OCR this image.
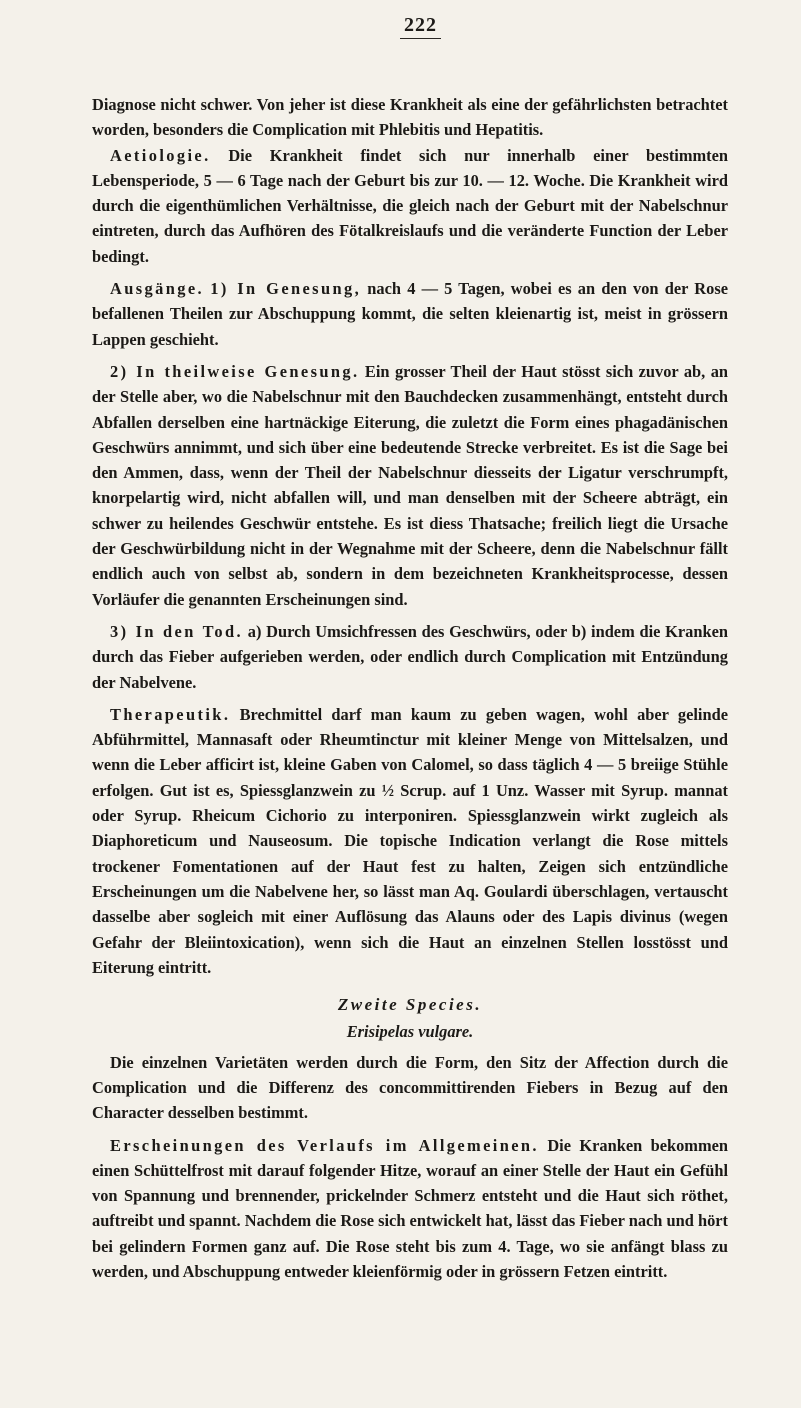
222

Diagnose nicht schwer. Von jeher ist diese Krankheit als eine der gefährlichsten betrachtet worden, besonders die Complication mit Phlebitis und Hepatitis.

Aetiologie. Die Krankheit findet sich nur innerhalb einer bestimmten Lebensperiode, 5 — 6 Tage nach der Geburt bis zur 10. — 12. Woche. Die Krankheit wird durch die eigenthümlichen Verhältnisse, die gleich nach der Geburt mit der Nabelschnur eintreten, durch das Aufhören des Fötalkreislaufs und die veränderte Function der Leber bedingt.

Ausgänge. 1) In Genesung, nach 4 — 5 Tagen, wobei es an den von der Rose befallenen Theilen zur Abschuppung kommt, die selten kleienartig ist, meist in grössern Lappen geschieht.

2) In theilweise Genesung. Ein grosser Theil der Haut stösst sich zuvor ab, an der Stelle aber, wo die Nabelschnur mit den Bauchdecken zusammenhängt, entsteht durch Abfallen derselben eine hartnäckige Eiterung, die zuletzt die Form eines phagadänischen Geschwürs annimmt, und sich über eine bedeutende Strecke verbreitet. Es ist die Sage bei den Ammen, dass, wenn der Theil der Nabelschnur diesseits der Ligatur verschrumpft, knorpelartig wird, nicht abfallen will, und man denselben mit der Scheere abträgt, ein schwer zu heilendes Geschwür entstehe. Es ist diess Thatsache; freilich liegt die Ursache der Geschwürbildung nicht in der Wegnahme mit der Scheere, denn die Nabelschnur fällt endlich auch von selbst ab, sondern in dem bezeichneten Krankheitsprocesse, dessen Vorläufer die genannten Erscheinungen sind.

3) In den Tod. a) Durch Umsichfressen des Geschwürs, oder b) indem die Kranken durch das Fieber aufgerieben werden, oder endlich durch Complication mit Entzündung der Nabelvene.

Therapeutik. Brechmittel darf man kaum zu geben wagen, wohl aber gelinde Abführmittel, Mannasaft oder Rheumtinctur mit kleiner Menge von Mittelsalzen, und wenn die Leber afficirt ist, kleine Gaben von Calomel, so dass täglich 4 — 5 breiige Stühle erfolgen. Gut ist es, Spiessglanzwein zu ½ Scrup. auf 1 Unz. Wasser mit Syrup. mannat oder Syrup. Rheicum Cichorio zu interponiren. Spiessglanzwein wirkt zugleich als Diaphoreticum und Nauseosum. Die topische Indication verlangt die Rose mittels trockener Fomentationen auf der Haut fest zu halten, Zeigen sich entzündliche Erscheinungen um die Nabelvene her, so lässt man Aq. Goulardi überschlagen, vertauscht dasselbe aber sogleich mit einer Auflösung das Alauns oder des Lapis divinus (wegen Gefahr der Bleiintoxication), wenn sich die Haut an einzelnen Stellen losstösst und Eiterung eintritt.

Zweite Species.

Erisipelas vulgare.

Die einzelnen Varietäten werden durch die Form, den Sitz der Affection durch die Complication und die Differenz des concommittirenden Fiebers in Bezug auf den Character desselben bestimmt.

Erscheinungen des Verlaufs im Allgemeinen. Die Kranken bekommen einen Schüttelfrost mit darauf folgender Hitze, worauf an einer Stelle der Haut ein Gefühl von Spannung und brennender, prickelnder Schmerz entsteht und die Haut sich röthet, auftreibt und spannt. Nachdem die Rose sich entwickelt hat, lässt das Fieber nach und hört bei gelindern Formen ganz auf. Die Rose steht bis zum 4. Tage, wo sie anfängt blass zu werden, und Abschuppung entweder kleienförmig oder in grössern Fetzen eintritt.
